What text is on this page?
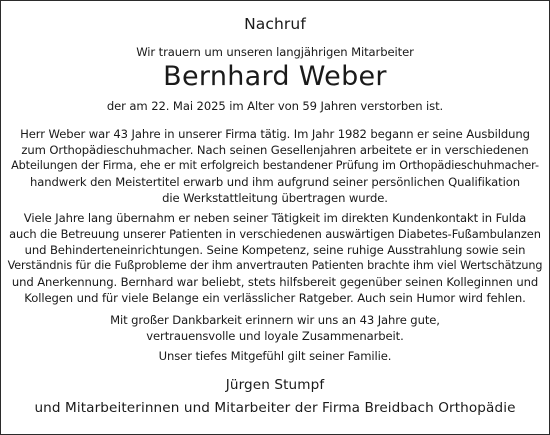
Nachruf

Wir trauern um unseren langjährigen Mitarbeiter

Bernhard Weber

der am 22. Mai 2025 im Alter von 59 Jahren verstorben ist.

Herr Weber war 43 Jahre in unserer Firma tätig. Im Jahr 1982 begann er seine Ausbildung

zum Orthopädieschuhmacher. Nach seinen Gesellenjahren arbeitete er in verschiedenen

Abteilungen der Firma, ehe er mit erfolgreich bestandener Prüfung im Orthopädieschuhmacher-

handwerk den Meistertitel erwarb und ihm aufgrund seiner persönlichen Qualifikation

die Werkstattleitung übertragen wurde.

Viele Jahre lang übernahm er neben seiner Tätigkeit im direkten Kundenkontakt in Fulda

auch die Betreuung unserer Patienten in verschiedenen auswärtigen Diabetes-Fußambulanzen

und Behinderteneinrichtungen. Seine Kompetenz, seine ruhige Ausstrahlung sowie sein

Verständnis für die Fußprobleme der ihm anvertrauten Patienten brachte ihm viel Wertschätzung

und Anerkennung. Bernhard war beliebt, stets hilfsbereit gegenüber seinen Kolleginnen und

Kollegen und für viele Belange ein verlässlicher Ratgeber. Auch sein Humor wird fehlen.

Mit großer Dankbarkeit erinnern wir uns an 43 Jahre gute,

vertrauensvolle und loyale Zusammenarbeit.

Unser tiefes Mitgefühl gilt seiner Familie.

Jürgen Stumpf

und Mitarbeiterinnen und Mitarbeiter der Firma Breidbach Orthopädie
